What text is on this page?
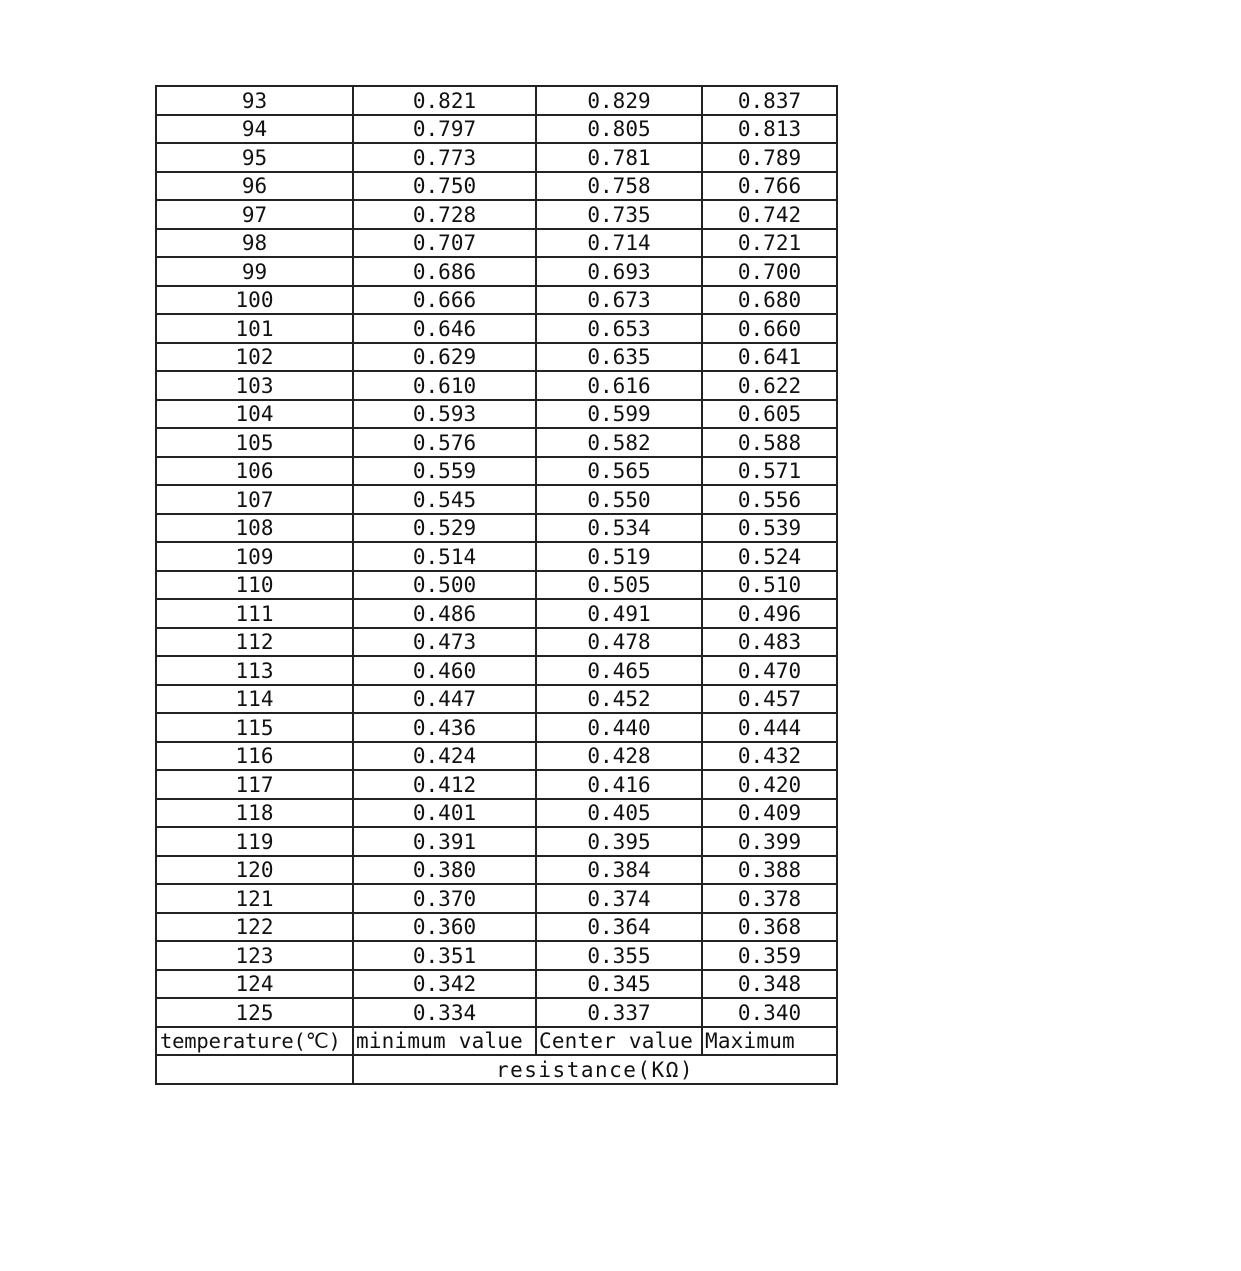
93	0.821	0.829	0.837
94	0.797	0.805	0.813
95	0.773	0.781	0.789
96	0.750	0.758	0.766
97	0.728	0.735	0.742
98	0.707	0.714	0.721
99	0.686	0.693	0.700
100	0.666	0.673	0.680
101	0.646	0.653	0.660
102	0.629	0.635	0.641
103	0.610	0.616	0.622
104	0.593	0.599	0.605
105	0.576	0.582	0.588
106	0.559	0.565	0.571
107	0.545	0.550	0.556
108	0.529	0.534	0.539
109	0.514	0.519	0.524
110	0.500	0.505	0.510
111	0.486	0.491	0.496
112	0.473	0.478	0.483
113	0.460	0.465	0.470
114	0.447	0.452	0.457
115	0.436	0.440	0.444
116	0.424	0.428	0.432
117	0.412	0.416	0.420
118	0.401	0.405	0.409
119	0.391	0.395	0.399
120	0.380	0.384	0.388
121	0.370	0.374	0.378
122	0.360	0.364	0.368
123	0.351	0.355	0.359
124	0.342	0.345	0.348
125	0.334	0.337	0.340
temperature(℃)	minimum value	Center value	Maximum
	resistance(KΩ)		
